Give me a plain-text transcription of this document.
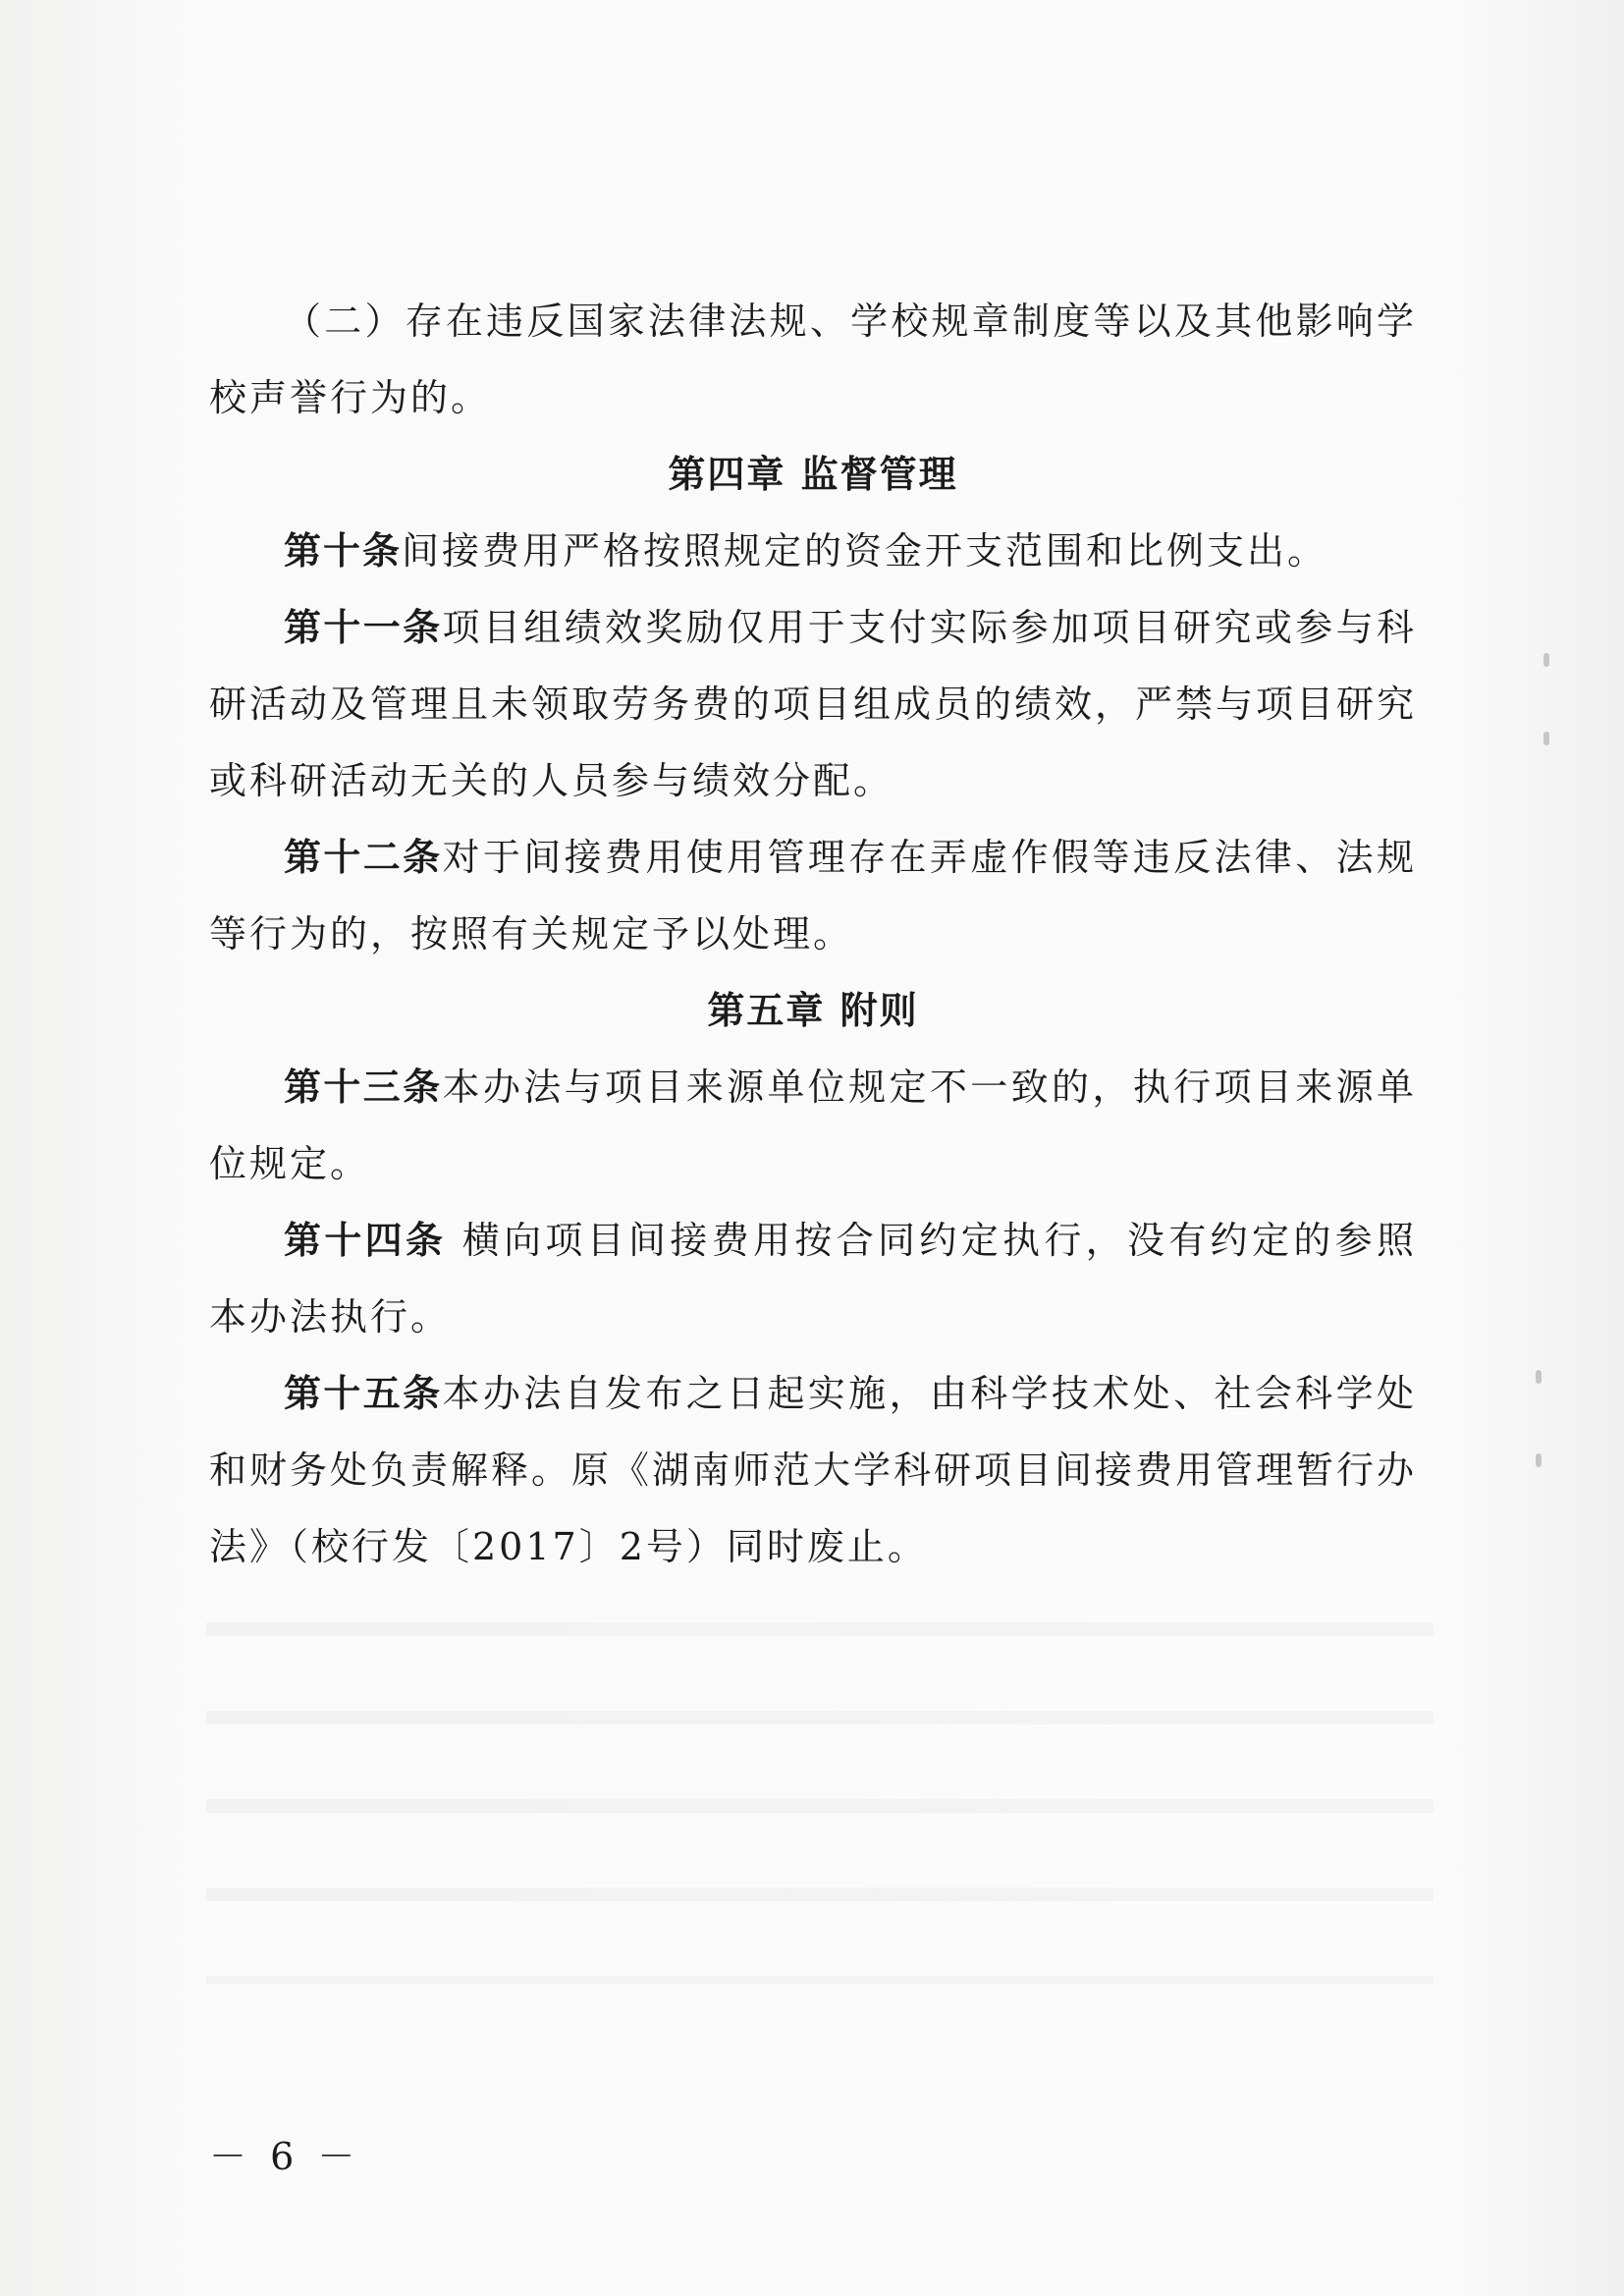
（二）存在违反国家法律法规、学校规章制度等以及其他影响学校声誉行为的。

第四章 监督管理

第十条间接费用严格按照规定的资金开支范围和比例支出。

第十一条项目组绩效奖励仅用于支付实际参加项目研究或参与科研活动及管理且未领取劳务费的项目组成员的绩效，严禁与项目研究或科研活动无关的人员参与绩效分配。

第十二条对于间接费用使用管理存在弄虚作假等违反法律、法规等行为的，按照有关规定予以处理。

第五章 附则

第十三条本办法与项目来源单位规定不一致的，执行项目来源单位规定。

第十四条 横向项目间接费用按合同约定执行，没有约定的参照本办法执行。

第十五条本办法自发布之日起实施，由科学技术处、社会科学处和财务处负责解释。原《湖南师范大学科研项目间接费用管理暂行办法》（校行发〔2017〕2号）同时废止。

－ 6 －
